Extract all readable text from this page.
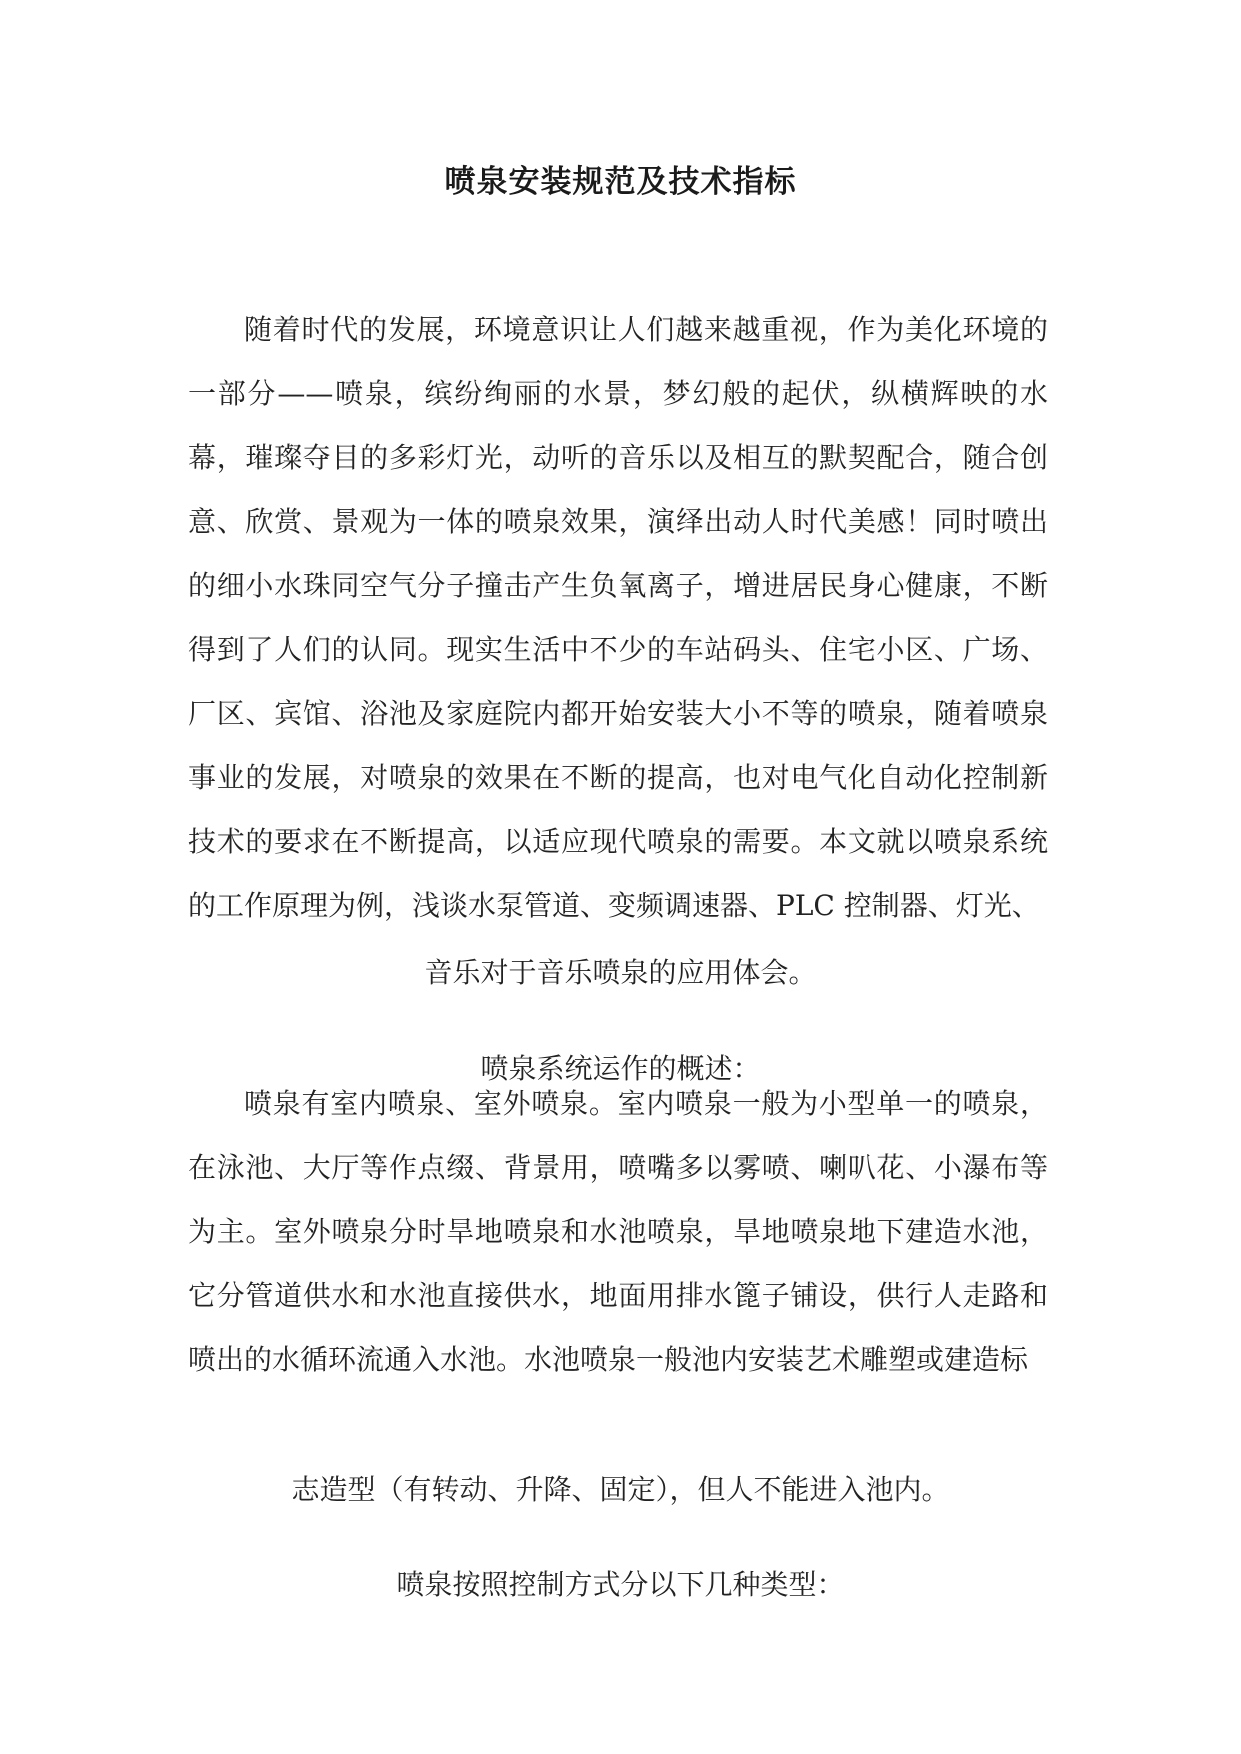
喷泉安装规范及技术指标
随着时代的发展，环境意识让人们越来越重视，作为美化环境的一部分——喷泉，缤纷绚丽的水景，梦幻般的起伏，纵横辉映的水幕，璀璨夺目的多彩灯光，动听的音乐以及相互的默契配合，随合创意、欣赏、景观为一体的喷泉效果，演绎出动人时代美感！同时喷出的细小水珠同空气分子撞击产生负氧离子，增进居民身心健康，不断得到了人们的认同。现实生活中不少的车站码头、住宅小区、广场、厂区、宾馆、浴池及家庭院内都开始安装大小不等的喷泉，随着喷泉事业的发展，对喷泉的效果在不断的提高，也对电气化自动化控制新技术的要求在不断提高，以适应现代喷泉的需要。本文就以喷泉系统的工作原理为例，浅谈水泵管道、变频调速器、PLC 控制器、灯光、
音乐对于音乐喷泉的应用体会。
喷泉系统运作的概述：
喷泉有室内喷泉、室外喷泉。室内喷泉一般为小型单一的喷泉，在泳池、大厅等作点缀、背景用，喷嘴多以雾喷、喇叭花、小瀑布等为主。室外喷泉分时旱地喷泉和水池喷泉，旱地喷泉地下建造水池，它分管道供水和水池直接供水，地面用排水篦子铺设，供行人走路和喷出的水循环流通入水池。水池喷泉一般池内安装艺术雕塑或建造标
志造型（有转动、升降、固定），但人不能进入池内。
喷泉按照控制方式分以下几种类型：
